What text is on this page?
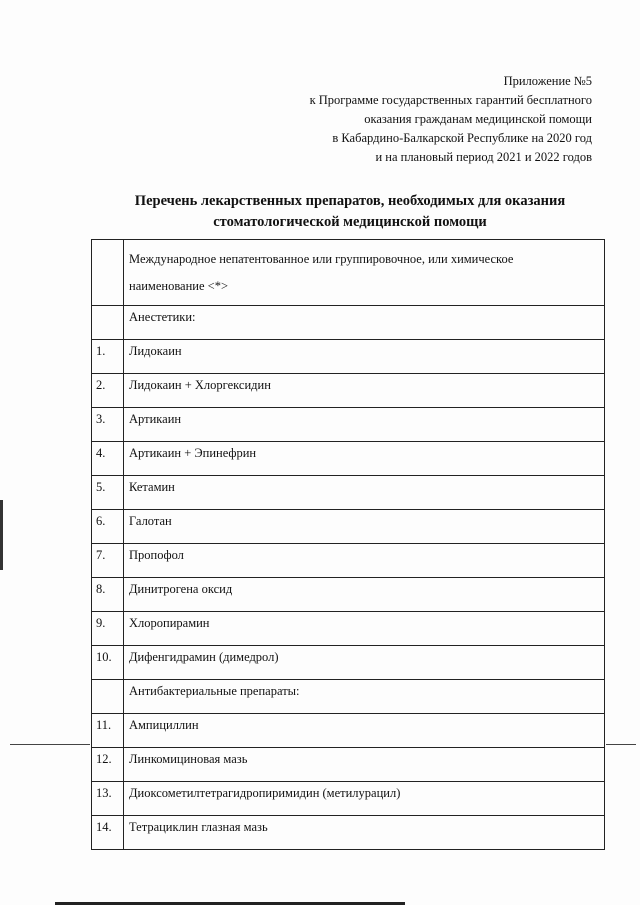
Приложение №5
к Программе государственных гарантий бесплатного
оказания гражданам медицинской помощи
в Кабардино-Балкарской Республике на 2020 год
и на плановый период 2021 и 2022 годов
Перечень лекарственных препаратов, необходимых для оказания
стоматологической медицинской помощи

	Международное непатентованное или группировочное, или химическое
наименование <*>

	Анестетики:
1.	Лидокаин
2.	Лидокаин + Хлоргексидин
3.	Артикаин
4.	Артикаин + Эпинефрин
5.	Кетамин
6.	Галотан
7.	Пропофол
8.	Динитрогена оксид
9.	Хлоропирамин
10.	Дифенгидрамин (димедрол)
	Антибактериальные препараты:
11.	Ампициллин
12.	Линкомициновая мазь
13.	Диоксометилтетрагидропиримидин (метилурацил)
14.	Тетрациклин глазная мазь
